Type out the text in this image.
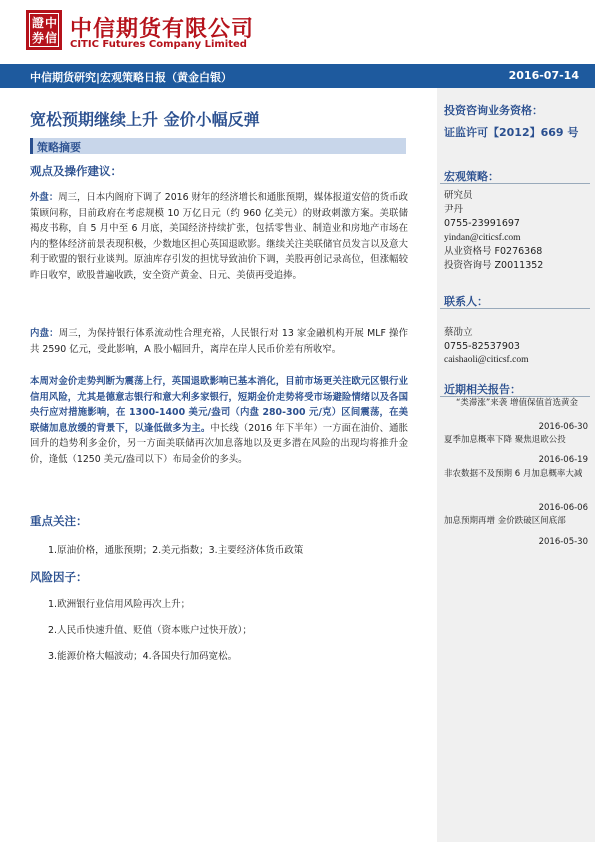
證 中
券 信 中信期货有限公司
CITIC Futures Company Limited
中信期货研究|宏观策略日报（黄金白银）	2016-07-14
投资咨询业务资格：
证监许可【2012】669 号
宏观策略：
研究员
尹丹
0755-23991697
yindan@citicsf.com
从业资格号 F0276368
投资咨询号 Z0011352
联系人：
蔡劭立
0755-82537903
caishaoli@citicsf.com
近期相关报告：
“类滞涨”来袭 增值保值首选黄金
2016-06-30
夏季加息概率下降 聚焦退欧公投
2016-06-19
非农数据不及预期 6 月加息概率大减
2016-06-06
加息预期再增 金价跌破区间底部
2016-05-30
宽松预期继续上升 金价小幅反弹
策略摘要
观点及操作建议：
外盘：周三，日本内阁府下调了 2016 财年的经济增长和通胀预期，媒体报道安倍的货币政策顾问称，目前政府在考虑规模 10 万亿日元（约 960 亿美元）的财政刺激方案。美联储褐皮书称，自 5 月中至 6 月底，美国经济持续扩张，包括零售业、制造业和房地产市场在内的整体经济前景表现积极，少数地区担心英国退欧影。继续关注美联储官员发言以及意大利于欧盟的银行业谈判。原油库存引发的担忧导致油价下调，美股再创记录高位，但涨幅较昨日收窄，欧股普遍收跌，安全资产黄金、日元、美债再受追捧。
内盘：周三，为保持银行体系流动性合理充裕，人民银行对 13 家金融机构开展 MLF 操作共 2590 亿元，受此影响，A 股小幅回升，离岸在岸人民币价差有所收窄。
本周对金价走势判断为震荡上行，英国退欧影响已基本消化，目前市场更关注欧元区银行业信用风险，尤其是德意志银行和意大利多家银行，短期金价走势将受市场避险情绪以及各国央行应对措施影响，在 1300-1400 美元/盎司（内盘 280-300 元/克）区间震荡，在美联储加息放缓的背景下，以逢低做多为主。中长线（2016 年下半年）一方面在油价、通胀回升的趋势利多金价，另一方面美联储再次加息落地以及更多潜在风险的出现均将推升金价，逢低（1250 美元/盎司以下）布局金价的多头。
重点关注：
1.原油价格，通胀预期；2.美元指数；3.主要经济体货币政策
风险因子：
1.欧洲银行业信用风险再次上升；
2.人民币快速升值、贬值（资本账户过快开放）；
3.能源价格大幅波动；4.各国央行加码宽松。
